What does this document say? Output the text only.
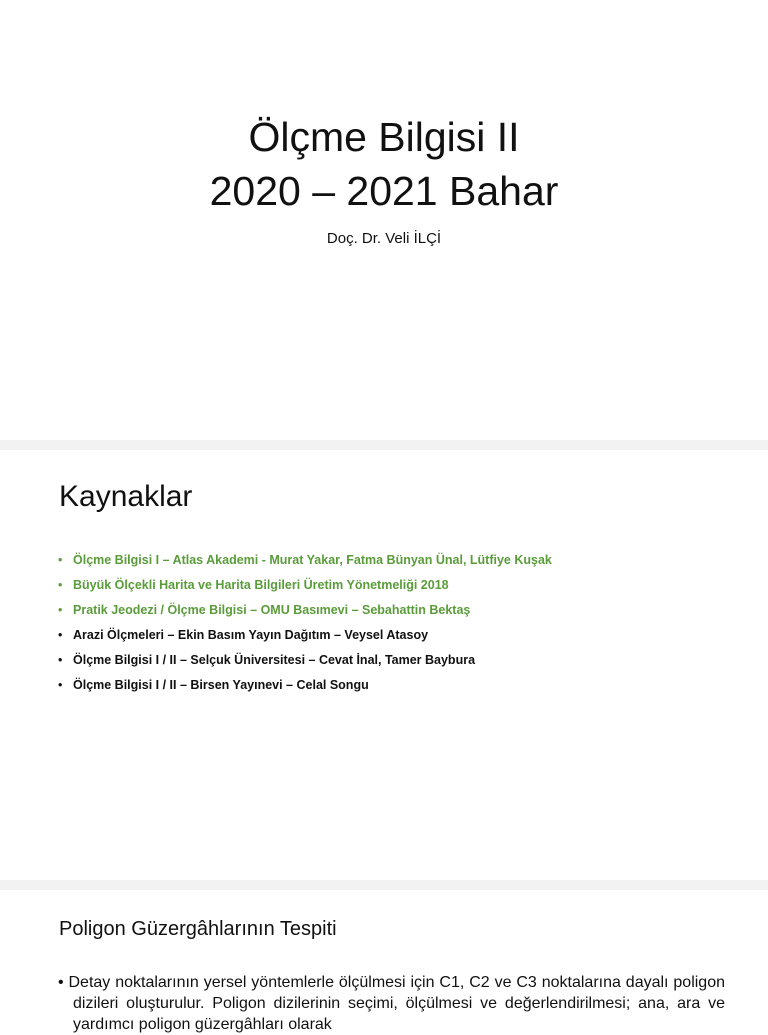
Ölçme Bilgisi II
2020 – 2021 Bahar
Doç. Dr. Veli İLÇİ
Kaynaklar
• Ölçme Bilgisi I – Atlas Akademi - Murat Yakar, Fatma Bünyan Ünal, Lütfiye Kuşak
• Büyük Ölçekli Harita ve Harita Bilgileri Üretim Yönetmeliği 2018
• Pratik Jeodezi / Ölçme Bilgisi – OMU Basımevi – Sebahattin Bektaş
• Arazi Ölçmeleri – Ekin Basım Yayın Dağıtım – Veysel Atasoy
• Ölçme Bilgisi I / II – Selçuk Üniversitesi – Cevat İnal, Tamer Baybura
• Ölçme Bilgisi I / II – Birsen Yayınevi – Celal Songu
Poligon Güzergâhlarının Tespiti
• Detay noktalarının yersel yöntemlerle ölçülmesi için C1, C2 ve C3 noktalarına dayalı poligon dizileri oluşturulur. Poligon dizilerinin seçimi, ölçülmesi ve değerlendirilmesi; ana, ara ve yardımcı poligon güzergâhları olarak
